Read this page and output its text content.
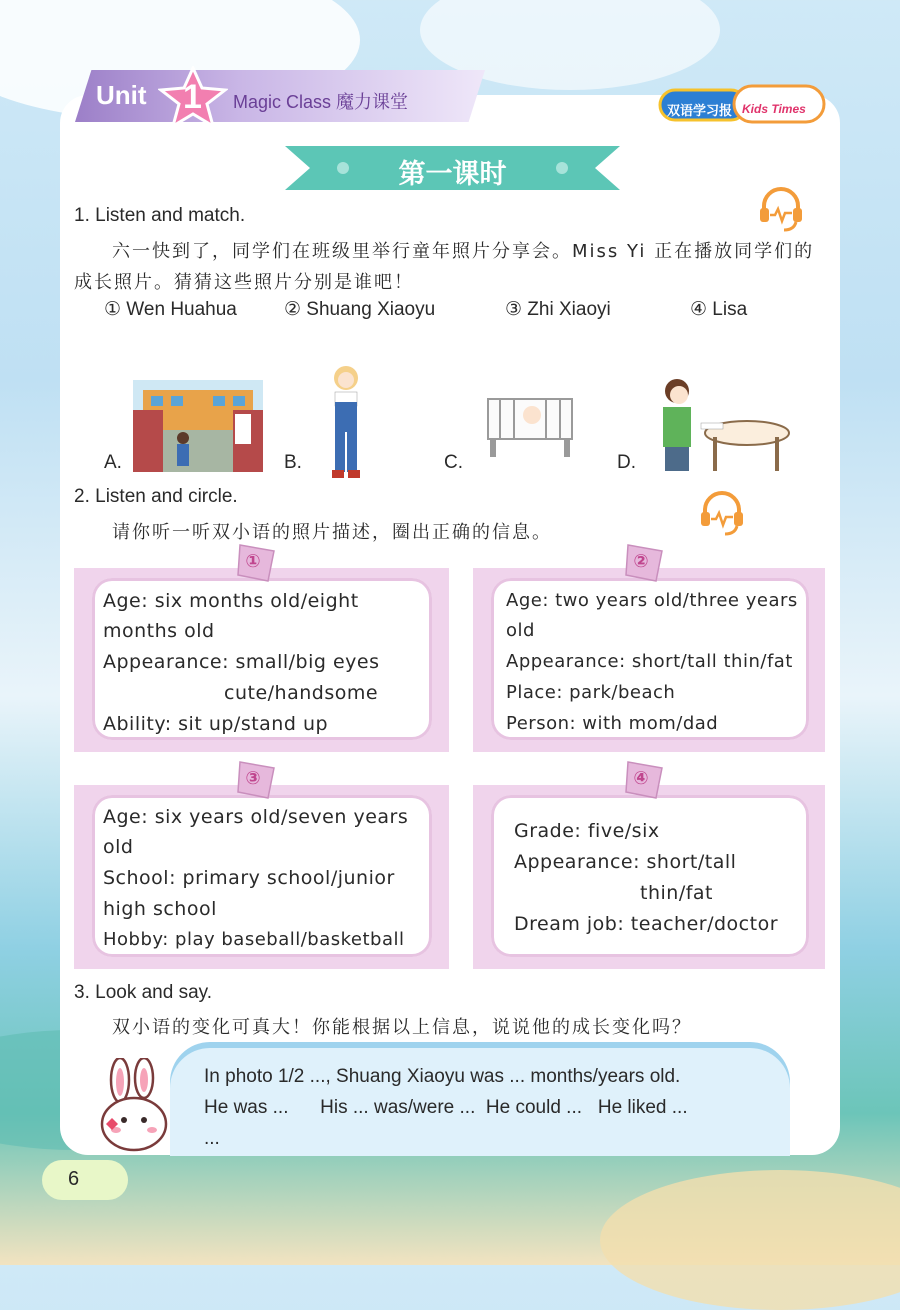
Unit 1 Magic Class 魔力课堂	双语学习报 Kids Times
第一课时
1. Listen and match.
六一快到了，同学们在班级里举行童年照片分享会。Miss Yi 正在播放同学们的
成长照片。猜猜这些照片分别是谁吧！
① Wen Huahua ② Shuang Xiaoyu	③ Zhi Xiaoyi	④ Lisa
A.	B.	C.	D.
2. Listen and circle.
请你听一听双小语的照片描述，圈出正确的信息。
①
Age: six months old/eight
months old
Appearance: small/big eyes
cute/handsome
Ability: sit up/stand up
②
Age: two years old/three years
old
Appearance: short/tall thin/fat
Place: park/beach
Person: with mom/dad
③
Age: six years old/seven years
old
School: primary school/junior
high school
Hobby: play baseball/basketball
④
Grade: five/six
Appearance: short/tall
thin/fat
Dream job: teacher/doctor
3. Look and say.
双小语的变化可真大！你能根据以上信息，说说他的成长变化吗？
In photo 1/2 ..., Shuang Xiaoyu was ... months/years old.
He was ...      His ... was/were ...  He could ...   He liked ...
...
6
